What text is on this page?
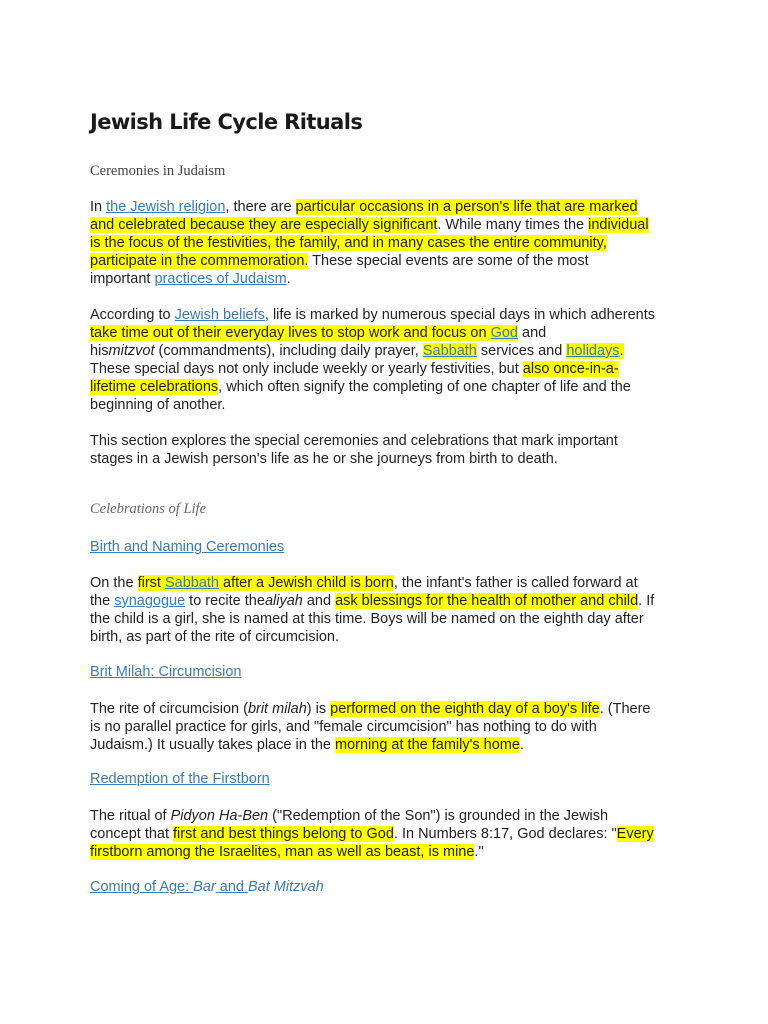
Jewish Life Cycle Rituals
Ceremonies in Judaism
In the Jewish religion, there are particular occasions in a person's life that are marked
and celebrated because they are especially significant. While many times the individual
is the focus of the festivities, the family, and in many cases the entire community,
participate in the commemoration. These special events are some of the most
important practices of Judaism.
According to Jewish beliefs, life is marked by numerous special days in which adherents
take time out of their everyday lives to stop work and focus on God and
hismitzvot (commandments), including daily prayer, Sabbath services and holidays.
These special days not only include weekly or yearly festivities, but also once-in-a-
lifetime celebrations, which often signify the completing of one chapter of life and the
beginning of another.
This section explores the special ceremonies and celebrations that mark important
stages in a Jewish person's life as he or she journeys from birth to death.
Celebrations of Life
Birth and Naming Ceremonies
On the first Sabbath after a Jewish child is born, the infant's father is called forward at
the synagogue to recite thealiyah and ask blessings for the health of mother and child. If
the child is a girl, she is named at this time. Boys will be named on the eighth day after
birth, as part of the rite of circumcision.
Brit Milah: Circumcision
The rite of circumcision (brit milah) is performed on the eighth day of a boy's life. (There
is no parallel practice for girls, and "female circumcision" has nothing to do with
Judaism.) It usually takes place in the morning at the family's home.
Redemption of the Firstborn
The ritual of Pidyon Ha-Ben ("Redemption of the Son") is grounded in the Jewish
concept that first and best things belong to God. In Numbers 8:17, God declares: "Every
firstborn among the Israelites, man as well as beast, is mine."
Coming of Age: Bar and Bat Mitzvah
